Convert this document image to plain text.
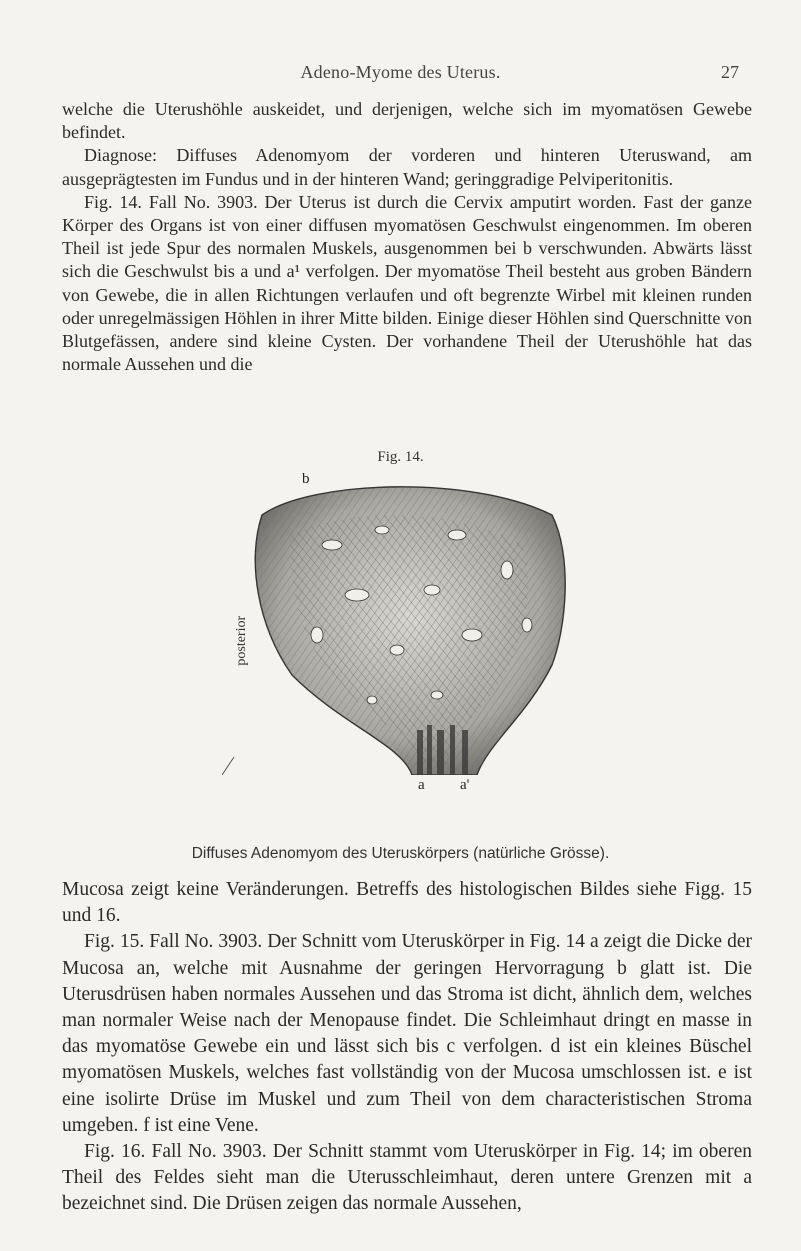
Adeno-Myome des Uterus.	27

welche die Uterushöhle auskeidet, und derjenigen, welche sich im myomatösen Gewebe befindet.

Diagnose: Diffuses Adenomyom der vorderen und hinteren Uteruswand, am ausgeprägtesten im Fundus und in der hinteren Wand; geringgradige Pelviperitonitis.

Fig. 14. Fall No. 3903. Der Uterus ist durch die Cervix amputirt worden. Fast der ganze Körper des Organs ist von einer diffusen myomatösen Geschwulst eingenommen. Im oberen Theil ist jede Spur des normalen Muskels, ausgenommen bei b verschwunden. Abwärts lässt sich die Geschwulst bis a und a¹ verfolgen. Der myomatöse Theil besteht aus groben Bändern von Gewebe, die in allen Richtungen verlaufen und oft begrenzte Wirbel mit kleinen runden oder unregelmässigen Höhlen in ihrer Mitte bilden. Einige dieser Höhlen sind Querschnitte von Blutgefässen, andere sind kleine Cysten. Der vorhandene Theil der Uterushöhle hat das normale Aussehen und die

Fig. 14.
b
a a'
posterior
Diffuses Adenomyom des Uteruskörpers (natürliche Grösse).

Mucosa zeigt keine Veränderungen. Betreffs des histologischen Bildes siehe Figg. 15 und 16.

Fig. 15. Fall No. 3903. Der Schnitt vom Uteruskörper in Fig. 14 a zeigt die Dicke der Mucosa an, welche mit Ausnahme der geringen Hervorragung b glatt ist. Die Uterusdrüsen haben normales Aussehen und das Stroma ist dicht, ähnlich dem, welches man normaler Weise nach der Menopause findet. Die Schleimhaut dringt en masse in das myomatöse Gewebe ein und lässt sich bis c verfolgen. d ist ein kleines Büschel myomatösen Muskels, welches fast vollständig von der Mucosa umschlossen ist. e ist eine isolirte Drüse im Muskel und zum Theil von dem characteristischen Stroma umgeben. f ist eine Vene.

Fig. 16. Fall No. 3903. Der Schnitt stammt vom Uteruskörper in Fig. 14; im oberen Theil des Feldes sieht man die Uterusschleimhaut, deren untere Grenzen mit a bezeichnet sind. Die Drüsen zeigen das normale Aussehen,
